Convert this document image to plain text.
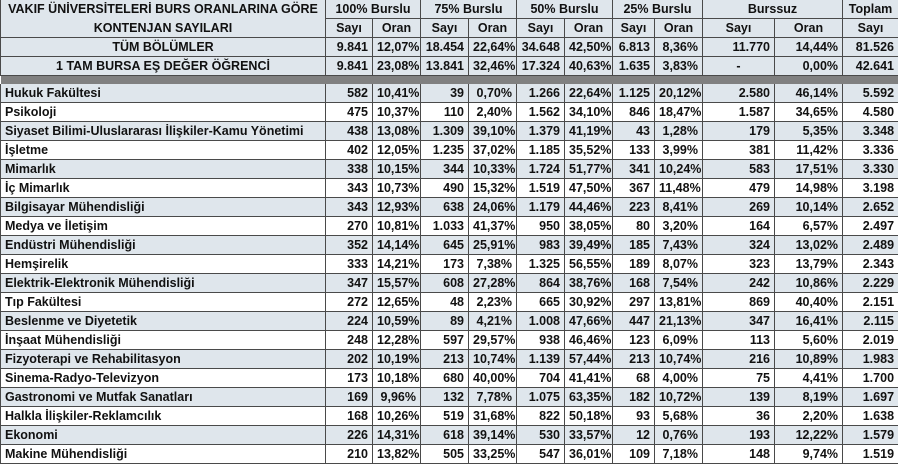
VAKIF ÜNİVERSİTELERİ BURS ORANLARINA GÖRE	100% Burslu		75% Burslu		50% Burslu		25% Burslu		Burssuz		Toplam
KONTENJAN SAYILARI	Sayı	Oran	Sayı	Oran	Sayı	Oran	Sayı	Oran	Sayı	Oran	Sayı
TÜM BÖLÜMLER	9.841	12,07%	18.454	22,64%	34.648	42,50%	6.813	8,36%	11.770	14,44%	81.526
1 TAM BURSA EŞ DEĞER ÖĞRENCİ	9.841	23,08%	13.841	32,46%	17.324	40,63%	1.635	3,83%	-	0,00%	42.641

Hukuk Fakültesi	582	10,41%	39	0,70%	1.266	22,64%	1.125	20,12%	2.580	46,14%	5.592
Psikoloji	475	10,37%	110	2,40%	1.562	34,10%	846	18,47%	1.587	34,65%	4.580
Siyaset Bilimi-Uluslararası İlişkiler-Kamu Yönetimi	438	13,08%	1.309	39,10%	1.379	41,19%	43	1,28%	179	5,35%	3.348
İşletme	402	12,05%	1.235	37,02%	1.185	35,52%	133	3,99%	381	11,42%	3.336
Mimarlık	338	10,15%	344	10,33%	1.724	51,77%	341	10,24%	583	17,51%	3.330
İç Mimarlık	343	10,73%	490	15,32%	1.519	47,50%	367	11,48%	479	14,98%	3.198
Bilgisayar Mühendisliği	343	12,93%	638	24,06%	1.179	44,46%	223	8,41%	269	10,14%	2.652
Medya ve İletişim	270	10,81%	1.033	41,37%	950	38,05%	80	3,20%	164	6,57%	2.497
Endüstri Mühendisliği	352	14,14%	645	25,91%	983	39,49%	185	7,43%	324	13,02%	2.489
Hemşirelik	333	14,21%	173	7,38%	1.325	56,55%	189	8,07%	323	13,79%	2.343
Elektrik-Elektronik Mühendisliği	347	15,57%	608	27,28%	864	38,76%	168	7,54%	242	10,86%	2.229
Tıp Fakültesi	272	12,65%	48	2,23%	665	30,92%	297	13,81%	869	40,40%	2.151
Beslenme ve Diyetetik	224	10,59%	89	4,21%	1.008	47,66%	447	21,13%	347	16,41%	2.115
İnşaat Mühendisliği	248	12,28%	597	29,57%	938	46,46%	123	6,09%	113	5,60%	2.019
Fizyoterapi ve Rehabilitasyon	202	10,19%	213	10,74%	1.139	57,44%	213	10,74%	216	10,89%	1.983
Sinema-Radyo-Televizyon	173	10,18%	680	40,00%	704	41,41%	68	4,00%	75	4,41%	1.700
Gastronomi ve Mutfak Sanatları	169	9,96%	132	7,78%	1.075	63,35%	182	10,72%	139	8,19%	1.697
Halkla İlişkiler-Reklamcılık	168	10,26%	519	31,68%	822	50,18%	93	5,68%	36	2,20%	1.638
Ekonomi	226	14,31%	618	39,14%	530	33,57%	12	0,76%	193	12,22%	1.579
Makine Mühendisliği	210	13,82%	505	33,25%	547	36,01%	109	7,18%	148	9,74%	1.519
